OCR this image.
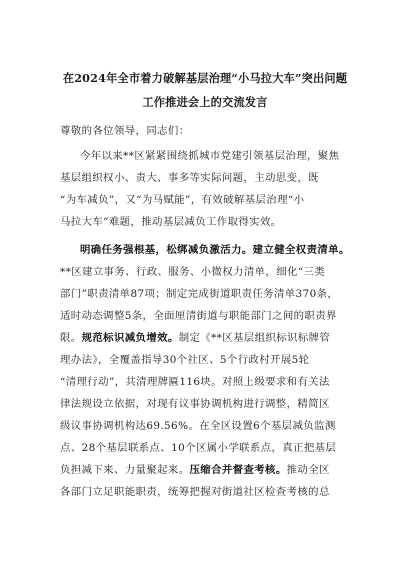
在2024年全市着力破解基层治理“小马拉大车”突出问题
工作推进会上的交流发言
尊敬的各位领导，同志们：
今年以来**区紧紧围绕抓城市党建引领基层治理，聚焦
基层组织权小、责大、事多等实际问题，主动思变，既
“为车减负”，又“为马赋能”，有效破解基层治理“小
马拉大车”难题，推动基层减负工作取得实效。
明确任务强根基，松绑减负激活力。建立健全权责清单。
**区建立事务、行政、服务、小微权力清单，细化“三类
部门”职责清单87项；制定完成街道职责任务清单370条，
适时动态调整5条，全面厘清街道与职能部门之间的职责界
限。规范标识减负增效。制定《**区基层组织标识标牌管
理办法》，全覆盖指导30个社区、5个行政村开展5轮
“清理行动”，共清理牌匾116块。对照上级要求和有关法
律法规设立依据，对现有议事协调机构进行调整，精简区
级议事协调机构达69.56%。在全区设置6个基层减负监测
点、28个基层联系点、10个区属小学联系点，真正把基层
负担减下来、力量聚起来。压缩合并督查考核。推动全区
各部门立足职能职责，统筹把握对街道社区检查考核的总
